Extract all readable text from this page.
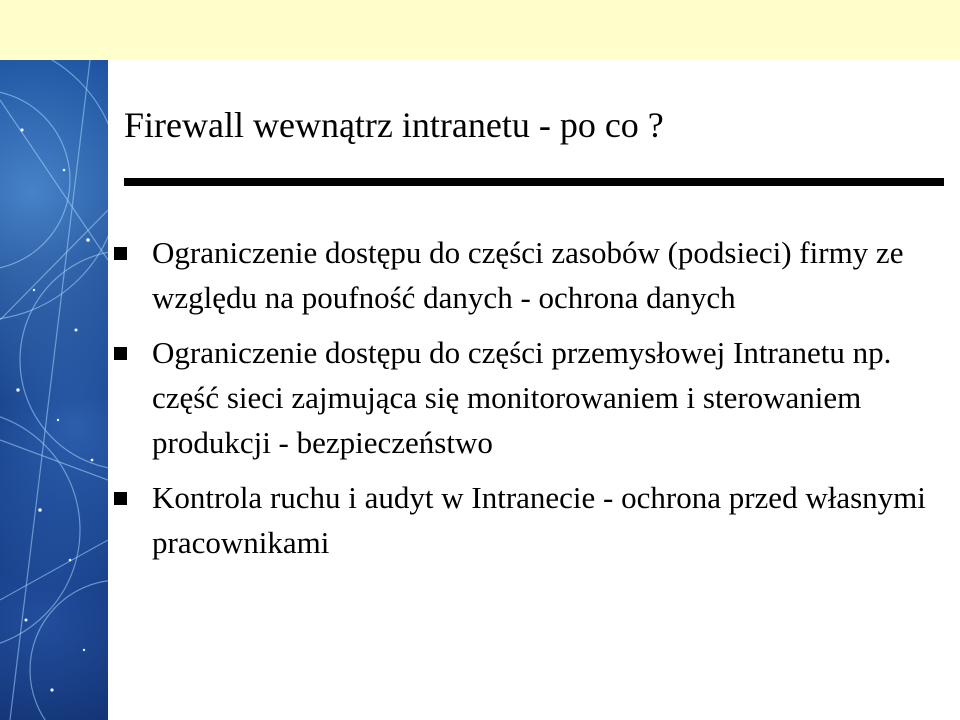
Firewall wewnątrz intranetu - po co ?
Ograniczenie dostępu do części zasobów (podsieci) firmy ze względu na poufność danych - ochrona danych
Ograniczenie dostępu do części przemysłowej Intranetu np. część sieci zajmująca się monitorowaniem i sterowaniem produkcji - bezpieczeństwo
Kontrola ruchu i audyt w Intranecie - ochrona przed własnymi pracownikami
